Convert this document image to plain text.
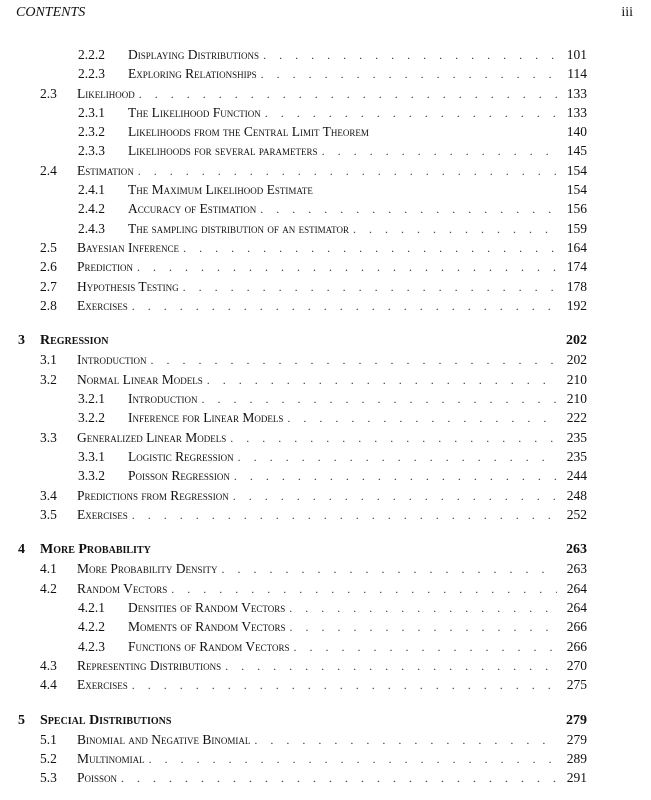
CONTENTS	iii
2.2.2	Displaying Distributions . . .	101
2.2.3	Exploring Relationships . . .	114
2.3	Likelihood . . .	133
2.3.1	The Likelihood Function . . .	133
2.3.2	Likelihoods from the Central Limit Theorem	140
2.3.3	Likelihoods for several parameters . . .	145
2.4	Estimation . . .	154
2.4.1	The Maximum Likelihood Estimate	154
2.4.2	Accuracy of Estimation . . .	156
2.4.3	The sampling distribution of an estimator . . .	159
2.5	Bayesian Inference . . .	164
2.6	Prediction . . .	174
2.7	Hypothesis Testing . . .	178
2.8	Exercises . . .	192
3	Regression	202
3.1	Introduction . . .	202
3.2	Normal Linear Models . . .	210
3.2.1	Introduction . . .	210
3.2.2	Inference for Linear Models . . .	222
3.3	Generalized Linear Models . . .	235
3.3.1	Logistic Regression . . .	235
3.3.2	Poisson Regression . . .	244
3.4	Predictions from Regression . . .	248
3.5	Exercises . . .	252
4	More Probability	263
4.1	More Probability Density . . .	263
4.2	Random Vectors . . .	264
4.2.1	Densities of Random Vectors . . .	264
4.2.2	Moments of Random Vectors . . .	266
4.2.3	Functions of Random Vectors . . .	266
4.3	Representing Distributions . . .	270
4.4	Exercises . . .	275
5	Special Distributions	279
5.1	Binomial and Negative Binomial . . .	279
5.2	Multinomial . . .	289
5.3	Poisson . . .	291
